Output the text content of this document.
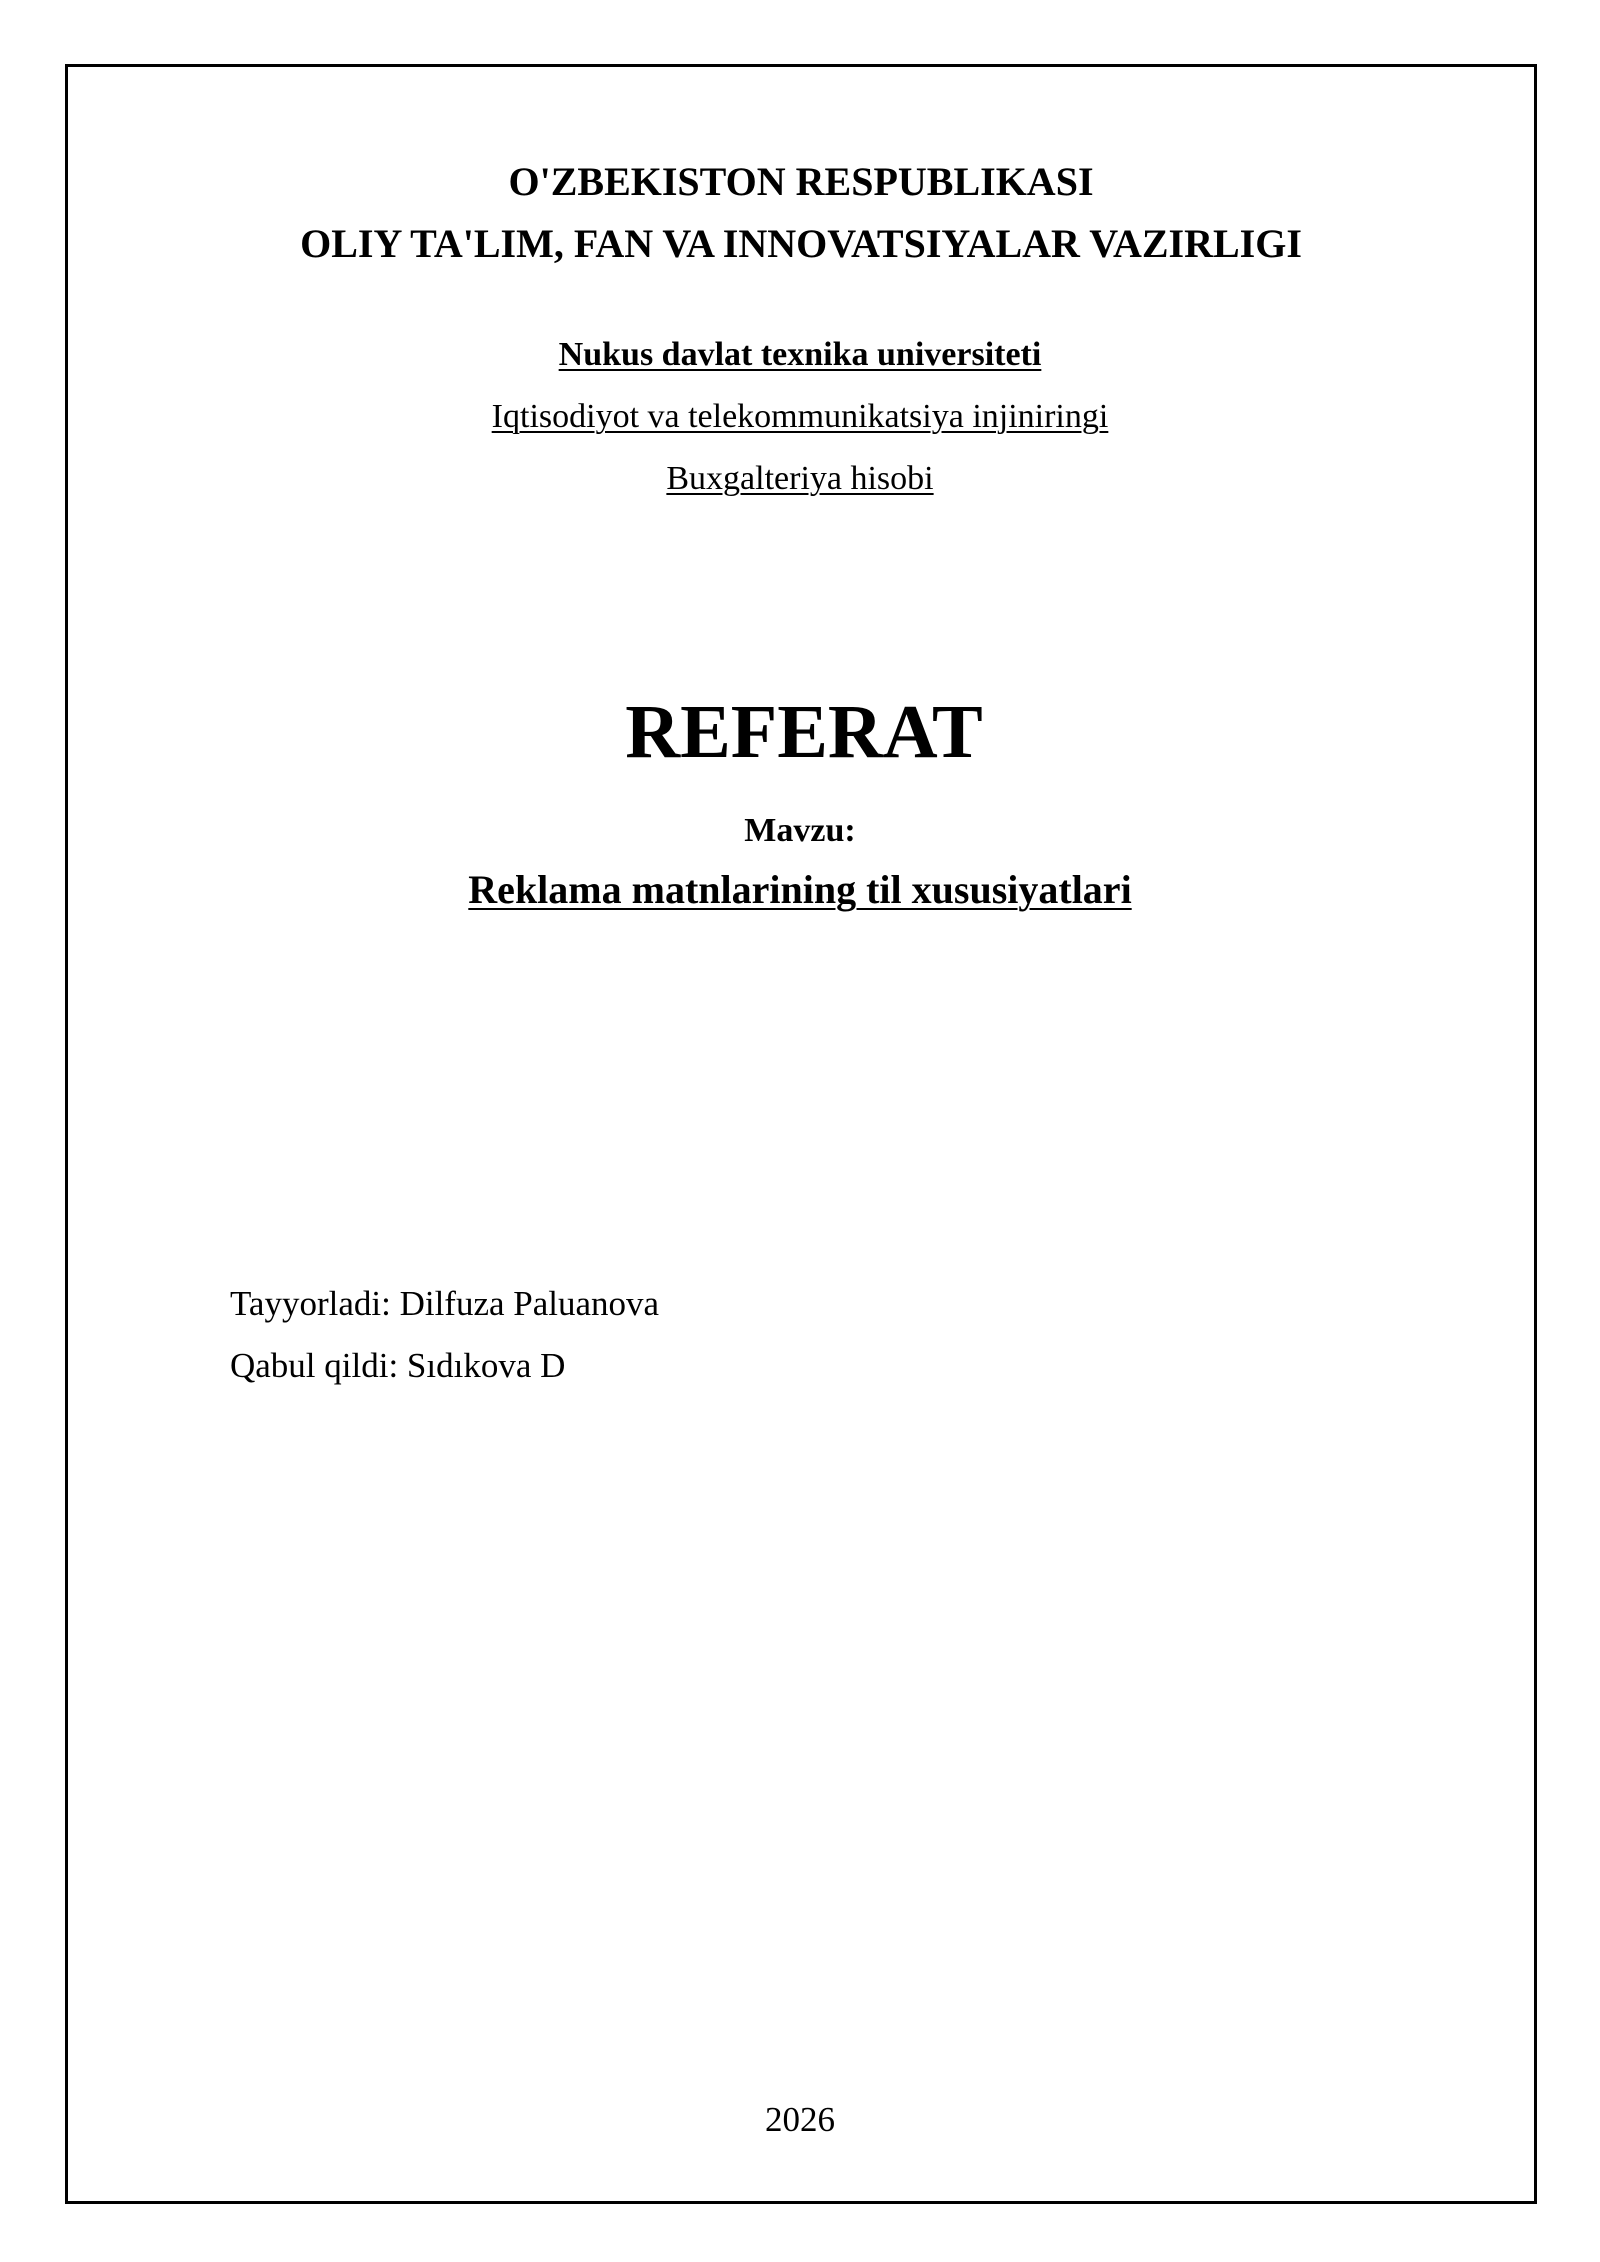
O'ZBEKISTON RESPUBLIKASI

OLIY TA'LIM, FAN VA INNOVATSIYALAR VAZIRLIGI

Nukus davlat texnika universiteti

Iqtisodiyot va telekommunikatsiya injiniringi

Buxgalteriya hisobi

REFERAT

Mavzu:

Reklama matnlarining til xususiyatlari

Tayyorladi: Dilfuza Paluanova

Qabul qildi: Sıdıkova D

2026
